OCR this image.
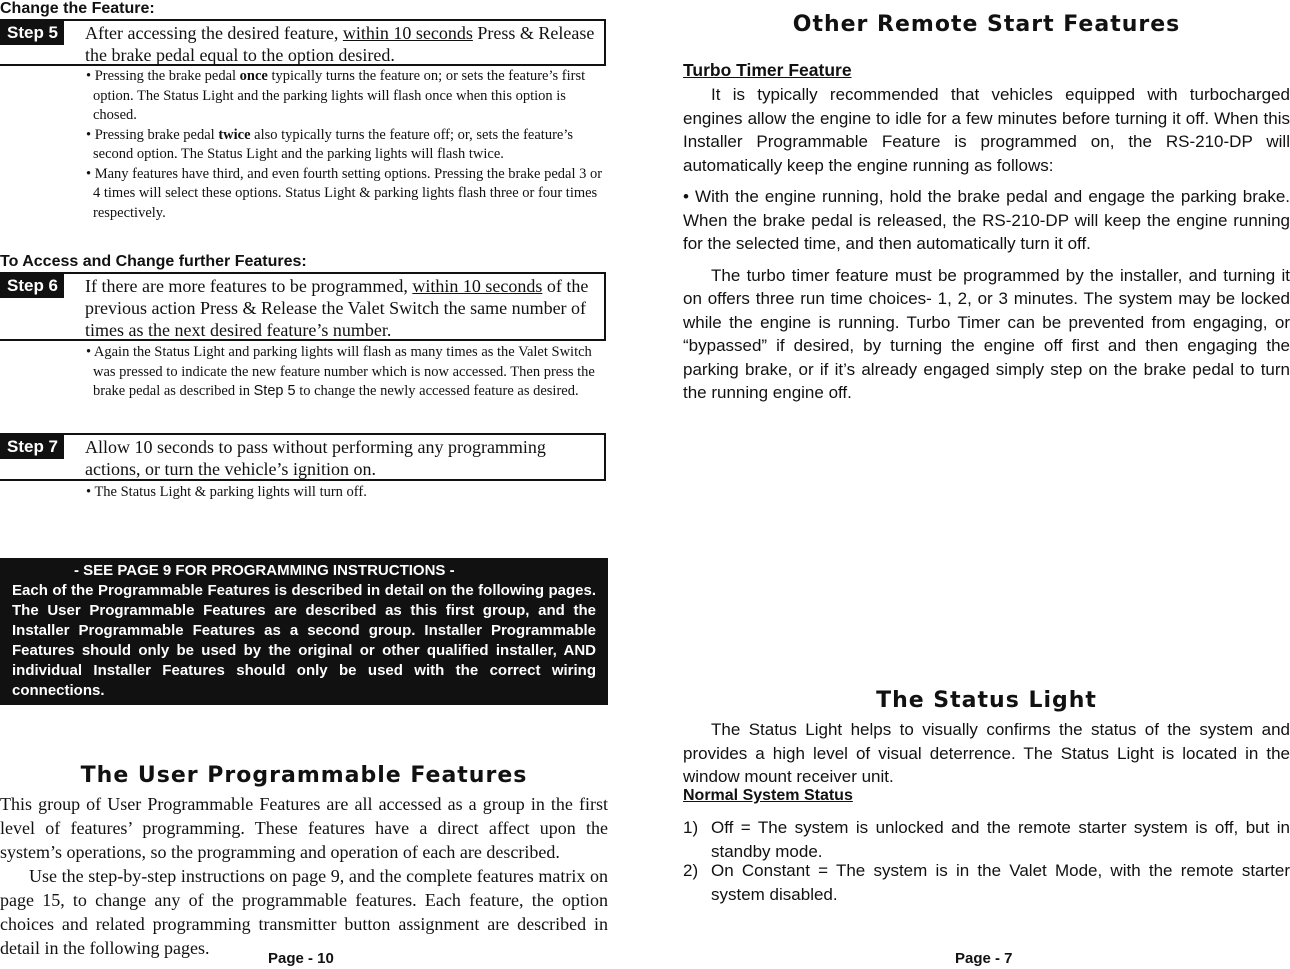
Change the Feature:
Step 5	After accessing the desired feature, within 10 seconds Press & Release the brake pedal equal to the option desired.

• Pressing the brake pedal once typically turns the feature on; or sets the feature’s first option. The Status Light and the parking lights will flash once when this option is chosed.

• Pressing brake pedal twice also typically turns the feature off; or, sets the feature’s second option. The Status Light and the parking lights will flash twice.

• Many features have third, and even fourth setting options. Pressing the brake pedal 3 or 4 times will select these options. Status Light & parking lights flash three or four times respectively.

To Access and Change further Features:
Step 6	If there are more features to be programmed, within 10 seconds of the previous action Press & Release the Valet Switch the same number of times as the next desired feature’s number.

• Again the Status Light and parking lights will flash as many times as the Valet Switch was pressed to indicate the new feature number which is now accessed. Then press the brake pedal as described in Step 5 to change the newly accessed feature as desired.

Step 7	Allow 10 seconds to pass without performing any programming actions, or turn the vehicle’s ignition on.

• The Status Light & parking lights will turn off.

- SEE PAGE 9 FOR PROGRAMMING INSTRUCTIONS -
Each of the Programmable Features is described in detail on the following pages. The User Programmable Features are described as this first group, and the Installer Programmable Features as a second group. Installer Programmable Features should only be used by the original or other qualified installer, AND individual Installer Features should only be used with the correct wiring connections.
The User Programmable Features

This group of User Programmable Features are all accessed as a group in the first level of features’ programming. These features have a direct affect upon the system’s operations, so the programming and operation of each are described.

Use the step-by-step instructions on page 9, and the complete features matrix on page 15, to change any of the programmable features. Each feature, the option choices and related programming transmitter button assignment are described in detail in the following pages.

Page - 10
Other Remote Start Features
Turbo Timer Feature

It is typically recommended that vehicles equipped with turbocharged engines allow the engine to idle for a few minutes before turning it off. When this Installer Programmable Feature is programmed on, the RS-210-DP will automatically keep the engine running as follows:

• With the engine running, hold the brake pedal and engage the parking brake. When the brake pedal is released, the RS-210-DP will keep the engine running for the selected time, and then automatically turn it off.

The turbo timer feature must be programmed by the installer, and turning it on offers three run time choices- 1, 2, or 3 minutes. The system may be locked while the engine is running. Turbo Timer can be prevented from engaging, or “bypassed” if desired, by turning the engine off first and then engaging the parking brake, or if it’s already engaged simply step on the brake pedal to turn the running engine off.

The Status Light

The Status Light helps to visually confirms the status of the system and provides a high level of visual deterrence. The Status Light is located in the window mount receiver unit.

Normal System Status
1) Off = The system is unlocked and the remote starter system is off, but in standby mode.
2) On Constant = The system is in the Valet Mode, with the remote starter system disabled.
Page - 7
